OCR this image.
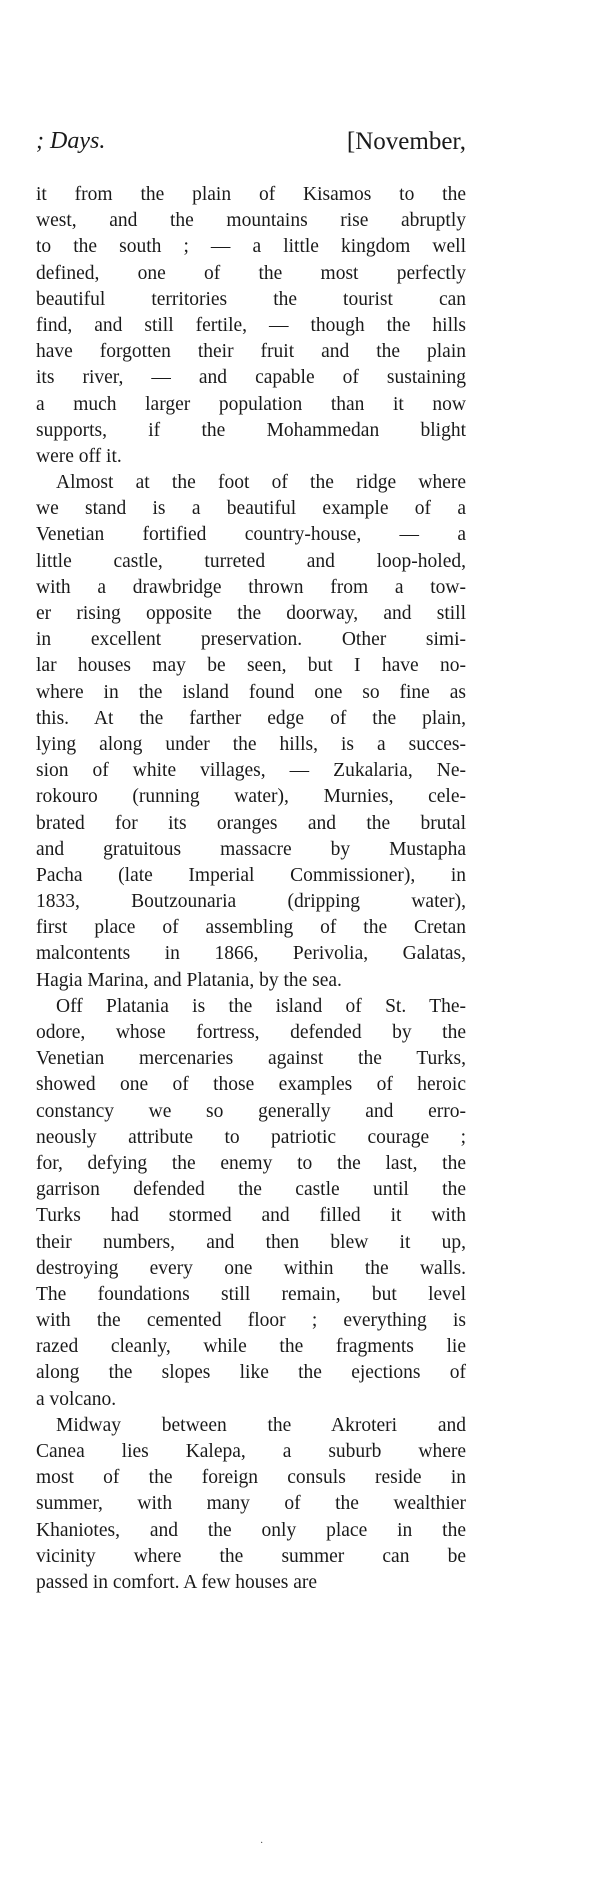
; Days.	[November,
it from the plain of Kisamos to the
west, and the mountains rise abruptly
to the south ; — a little kingdom well
defined, one of the most perfectly
beautiful territories the tourist can
find, and still fertile, — though the hills
have forgotten their fruit and the plain
its river, — and capable of sustaining
a much larger population than it now
supports, if the Mohammedan blight
were off it.
Almost at the foot of the ridge where
we stand is a beautiful example of a
Venetian fortified country-house, — a
little castle, turreted and loop-holed,
with a drawbridge thrown from a tow-
er rising opposite the doorway, and still
in excellent preservation. Other simi-
lar houses may be seen, but I have no-
where in the island found one so fine as
this. At the farther edge of the plain,
lying along under the hills, is a succes-
sion of white villages, — Zukalaria, Ne-
rokouro (running water), Murnies, cele-
brated for its oranges and the brutal
and gratuitous massacre by Mustapha
Pacha (late Imperial Commissioner), in
1833, Boutzounaria (dripping water),
first place of assembling of the Cretan
malcontents in 1866, Perivolia, Galatas,
Hagia Marina, and Platania, by the sea.
Off Platania is the island of St. The-
odore, whose fortress, defended by the
Venetian mercenaries against the Turks,
showed one of those examples of heroic
constancy we so generally and erro-
neously attribute to patriotic courage ;
for, defying the enemy to the last, the
garrison defended the castle until the
Turks had stormed and filled it with
their numbers, and then blew it up,
destroying every one within the walls.
The foundations still remain, but level
with the cemented floor ; everything is
razed cleanly, while the fragments lie
along the slopes like the ejections of
a volcano.
Midway between the Akroteri and
Canea lies Kalepa, a suburb where
most of the foreign consuls reside in
summer, with many of the wealthier
Khaniotes, and the only place in the
vicinity where the summer can be
passed in comfort. A few houses are
·
